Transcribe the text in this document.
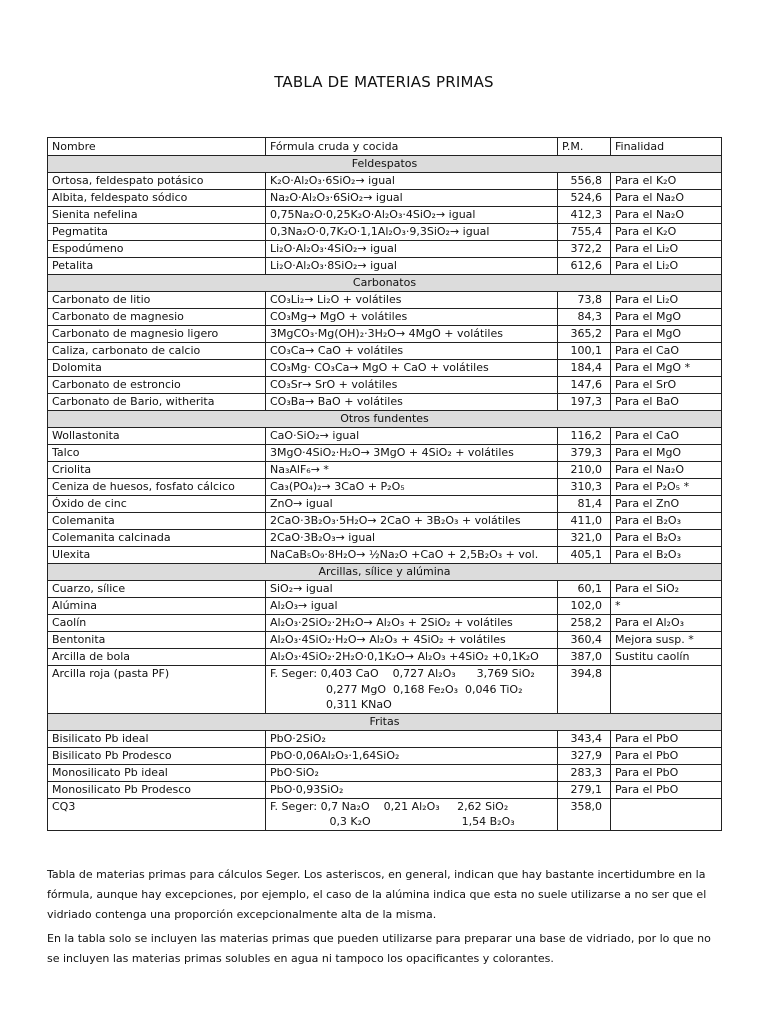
TABLA DE MATERIAS PRIMAS
Nombre	Fórmula cruda y cocida	P.M.	Finalidad
Feldespatos			
Ortosa, feldespato potásico	K₂O·Al₂O₃·6SiO₂→ igual	556,8	Para el K₂O
Albita, feldespato sódico	Na₂O·Al₂O₃·6SiO₂→ igual	524,6	Para el Na₂O
Sienita nefelina	0,75Na₂O·0,25K₂O·Al₂O₃·4SiO₂→ igual	412,3	Para el Na₂O
Pegmatita	0,3Na₂O·0,7K₂O·1,1Al₂O₃·9,3SiO₂→ igual	755,4	Para el K₂O
Espodúmeno	Li₂O·Al₂O₃·4SiO₂→ igual	372,2	Para el Li₂O
Petalita	Li₂O·Al₂O₃·8SiO₂→ igual	612,6	Para el Li₂O
Carbonatos			
Carbonato de litio	CO₃Li₂→ Li₂O + volátiles	73,8	Para el Li₂O
Carbonato de magnesio	CO₃Mg→ MgO + volátiles	84,3	Para el MgO
Carbonato de magnesio ligero	3MgCO₃·Mg(OH)₂·3H₂O→ 4MgO + volátiles	365,2	Para el MgO
Caliza, carbonato de calcio	CO₃Ca→ CaO + volátiles	100,1	Para el CaO
Dolomita	CO₃Mg· CO₃Ca→ MgO + CaO + volátiles	184,4	Para el MgO *
Carbonato de estroncio	CO₃Sr→ SrO + volátiles	147,6	Para el SrO
Carbonato de Bario, witherita	CO₃Ba→ BaO + volátiles	197,3	Para el BaO
Otros fundentes			
Wollastonita	CaO·SiO₂→ igual	116,2	Para el CaO
Talco	3MgO·4SiO₂·H₂O→ 3MgO + 4SiO₂ + volátiles	379,3	Para el MgO
Criolita	Na₃AlF₆→ *	210,0	Para el Na₂O
Ceniza de huesos, fosfato cálcico	Ca₃(PO₄)₂→ 3CaO + P₂O₅	310,3	Para el P₂O₅ *
Óxido de cinc	ZnO→ igual	81,4	Para el ZnO
Colemanita	2CaO·3B₂O₃·5H₂O→ 2CaO + 3B₂O₃ + volátiles	411,0	Para el B₂O₃
Colemanita calcinada	2CaO·3B₂O₃→ igual	321,0	Para el B₂O₃
Ulexita	NaCaB₅O₉·8H₂O→ ½Na₂O +CaO + 2,5B₂O₃ + vol.	405,1	Para el B₂O₃
Arcillas, sílice y alúmina			
Cuarzo, sílice	SiO₂→ igual	60,1	Para el SiO₂
Alúmina	Al₂O₃→ igual	102,0	*
Caolín	Al₂O₃·2SiO₂·2H₂O→ Al₂O₃ + 2SiO₂ + volátiles	258,2	Para el Al₂O₃
Bentonita	Al₂O₃·4SiO₂·H₂O→ Al₂O₃ + 4SiO₂ + volátiles	360,4	Mejora susp. *
Arcilla de bola	Al₂O₃·4SiO₂·2H₂O·0,1K₂O→ Al₂O₃ +4SiO₂ +0,1K₂O	387,0	Sustitu caolín
Arcilla roja (pasta PF)	F. Seger: 0,403 CaO    0,727 Al₂O₃      3,769 SiO₂
0,277 MgO  0,168 Fe₂O₃  0,046 TiO₂
0,311 KNaO	394,8	
Fritas			
Bisilicato Pb ideal	PbO·2SiO₂	343,4	Para el PbO
Bisilicato Pb Prodesco	PbO·0,06Al₂O₃·1,64SiO₂	327,9	Para el PbO
Monosilicato Pb ideal	PbO·SiO₂	283,3	Para el PbO
Monosilicato Pb Prodesco	PbO·0,93SiO₂	279,1	Para el PbO
CQ3	F. Seger: 0,7 Na₂O    0,21 Al₂O₃     2,62 SiO₂
0,3 K₂O                          1,54 B₂O₃	358,0	

Tabla de materias primas para cálculos Seger. Los asteriscos, en general, indican que hay bastante incertidumbre en la fórmula, aunque hay excepciones, por ejemplo, el caso de la alúmina indica que esta no suele utilizarse a no ser que el vidriado contenga una proporción excepcionalmente alta de la misma.

En la tabla solo se incluyen las materias primas que pueden utilizarse para preparar una base de vidriado, por lo que no se incluyen las materias primas solubles en agua ni tampoco los opacificantes y colorantes.
